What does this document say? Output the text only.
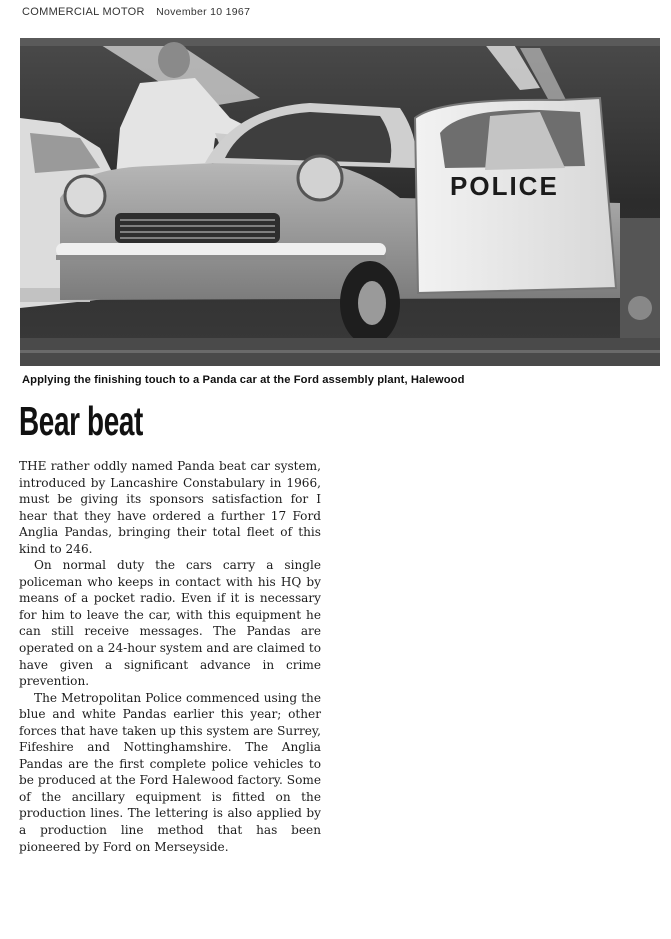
COMMERCIAL MOTOR November 10 1967
POLICE
Applying the finishing touch to a Panda car at the Ford assembly plant, Halewood
Bear beat

THE rather oddly named Panda beat car system, introduced by Lancashire Constabulary in 1966, must be giving its sponsors satisfaction for I hear that they have ordered a further 17 Ford Anglia Pandas, bringing their total fleet of this kind to 246.

On normal duty the cars carry a single policeman who keeps in contact with his HQ by means of a pocket radio. Even if it is necessary for him to leave the car, with this equipment he can still receive messages. The Pandas are operated on a 24-hour system and are claimed to have given a significant advance in crime prevention.

The Metropolitan Police commenced using the blue and white Pandas earlier this year; other forces that have taken up this system are Surrey, Fifeshire and Nottinghamshire. The Anglia Pandas are the first complete police vehicles to be produced at the Ford Halewood factory. Some of the ancillary equipment is fitted on the production lines. The lettering is also applied by a production line method that has been pioneered by Ford on Merseyside.
